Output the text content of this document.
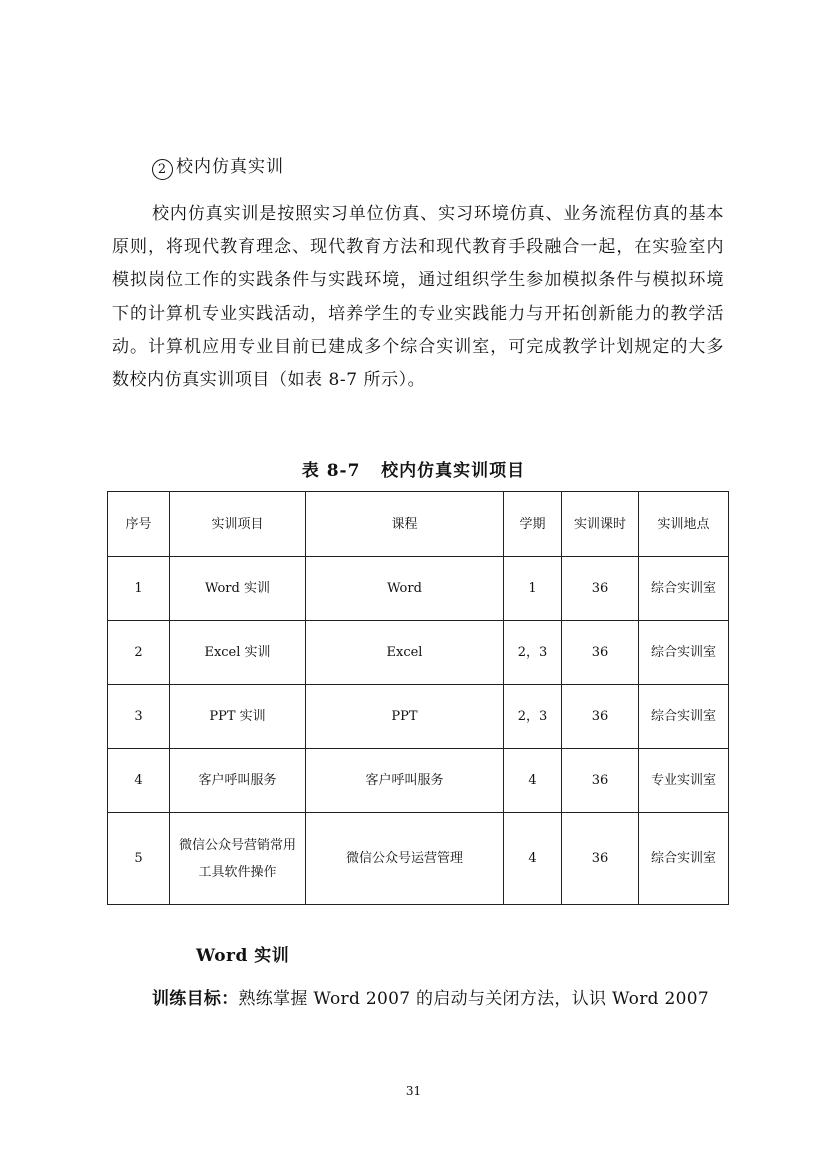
2 校内仿真实训
校内仿真实训是按照实习单位仿真、实习环境仿真、业务流程仿真的基本原则，将现代教育理念、现代教育方法和现代教育手段融合一起，在实验室内模拟岗位工作的实践条件与实践环境，通过组织学生参加模拟条件与模拟环境下的计算机专业实践活动，培养学生的专业实践能力与开拓创新能力的教学活动。计算机应用专业目前已建成多个综合实训室，可完成教学计划规定的大多数校内仿真实训项目（如表 8-7 所示）。
表 8-7   校内仿真实训项目
序号	实训项目	课程	学期	实训课时	实训地点
1	Word 实训	Word	1	36	综合实训室

2	Excel 实训	Excel	2，3	36	综合实训室

3	PPT 实训	PPT	2，3	36	综合实训室

4	客户呼叫服务	客户呼叫服务	4	36	专业实训室

5	微信公众号营销常用工具软件操作	微信公众号运营管理	4	36	综合实训室
Word 实训
训练目标：熟练掌握 Word 2007 的启动与关闭方法，认识 Word 2007
31
